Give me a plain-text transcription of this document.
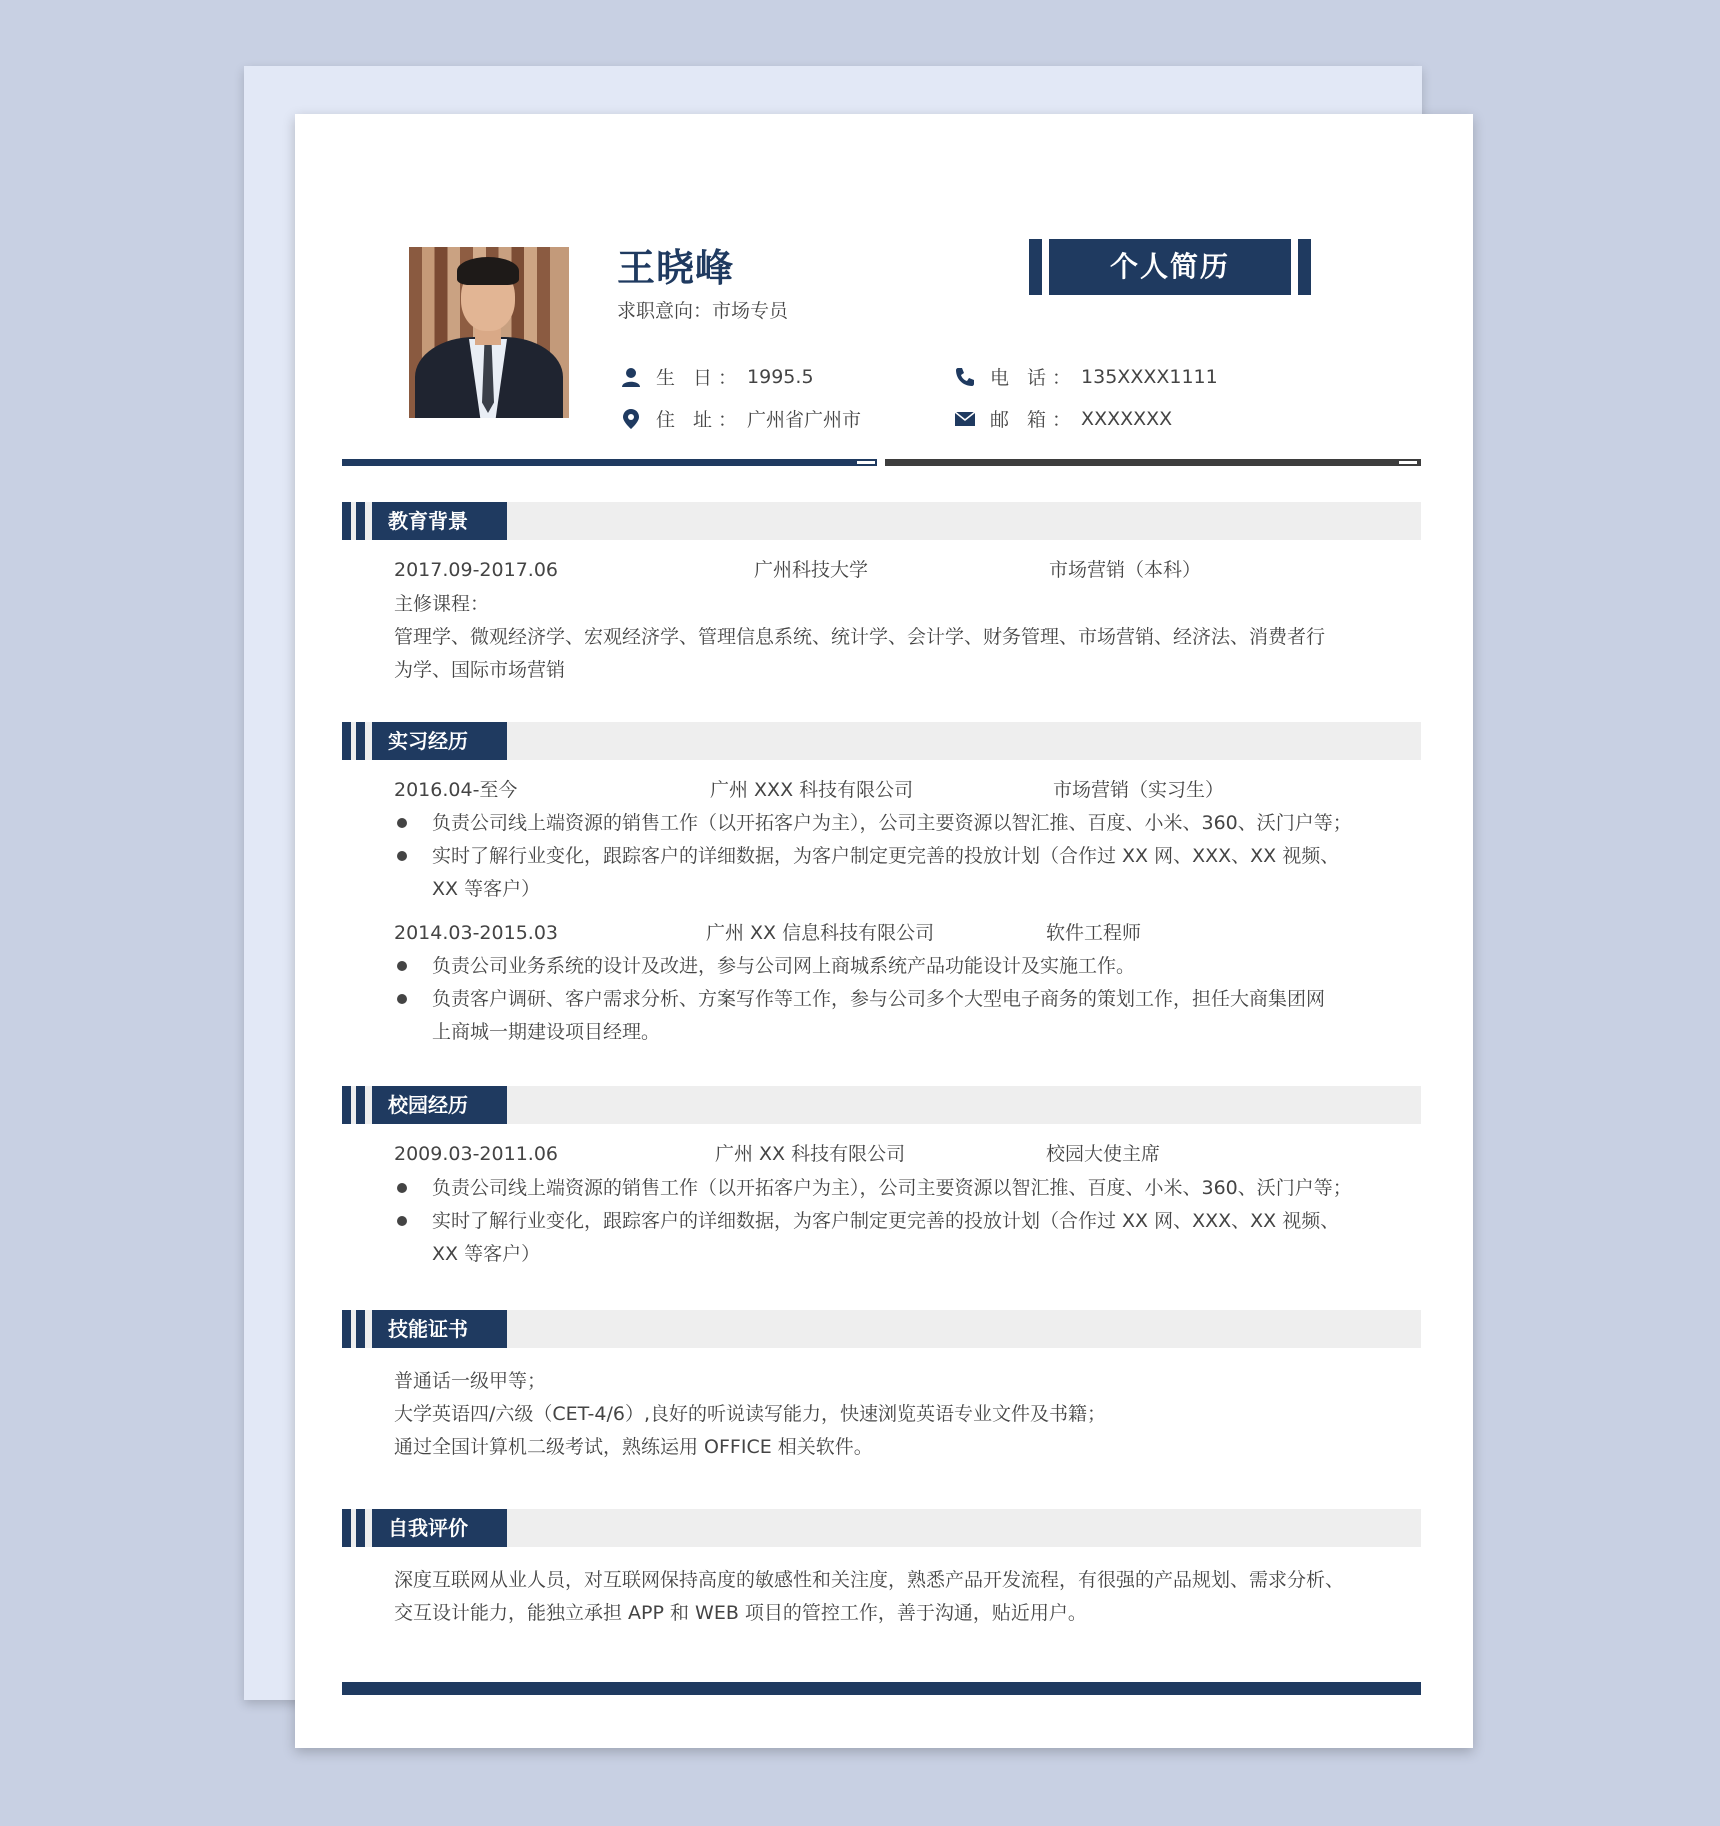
王晓峰
求职意向：市场专员
个人简历
生 日： 1995.5
住 址： 广州省广州市
电 话： 135XXXX1111
邮 箱： XXXXXXX
教育背景
2017.09-2017.06	广州科技大学	市场营销（本科）
主修课程：
管理学、微观经济学、宏观经济学、管理信息系统、统计学、会计学、财务管理、市场营销、经济法、消费者行
为学、国际市场营销
实习经历
2016.04-至今	广州 XXX 科技有限公司	市场营销（实习生）
负责公司线上端资源的销售工作（以开拓客户为主），公司主要资源以智汇推、百度、小米、360、沃门户等；
实时了解行业变化，跟踪客户的详细数据，为客户制定更完善的投放计划（合作过 XX 网、XXX、XX 视频、
XX 等客户）
2014.03-2015.03	广州 XX 信息科技有限公司	软件工程师
负责公司业务系统的设计及改进，参与公司网上商城系统产品功能设计及实施工作。
负责客户调研、客户需求分析、方案写作等工作，参与公司多个大型电子商务的策划工作，担任大商集团网
上商城一期建设项目经理。
校园经历
2009.03-2011.06	广州 XX 科技有限公司	校园大使主席
负责公司线上端资源的销售工作（以开拓客户为主），公司主要资源以智汇推、百度、小米、360、沃门户等；
实时了解行业变化，跟踪客户的详细数据，为客户制定更完善的投放计划（合作过 XX 网、XXX、XX 视频、
XX 等客户）
技能证书
普通话一级甲等；
大学英语四/六级（CET-4/6）,良好的听说读写能力，快速浏览英语专业文件及书籍；
通过全国计算机二级考试，熟练运用 OFFICE 相关软件。
自我评价
深度互联网从业人员，对互联网保持高度的敏感性和关注度，熟悉产品开发流程，有很强的产品规划、需求分析、
交互设计能力，能独立承担 APP 和 WEB 项目的管控工作，善于沟通，贴近用户。
